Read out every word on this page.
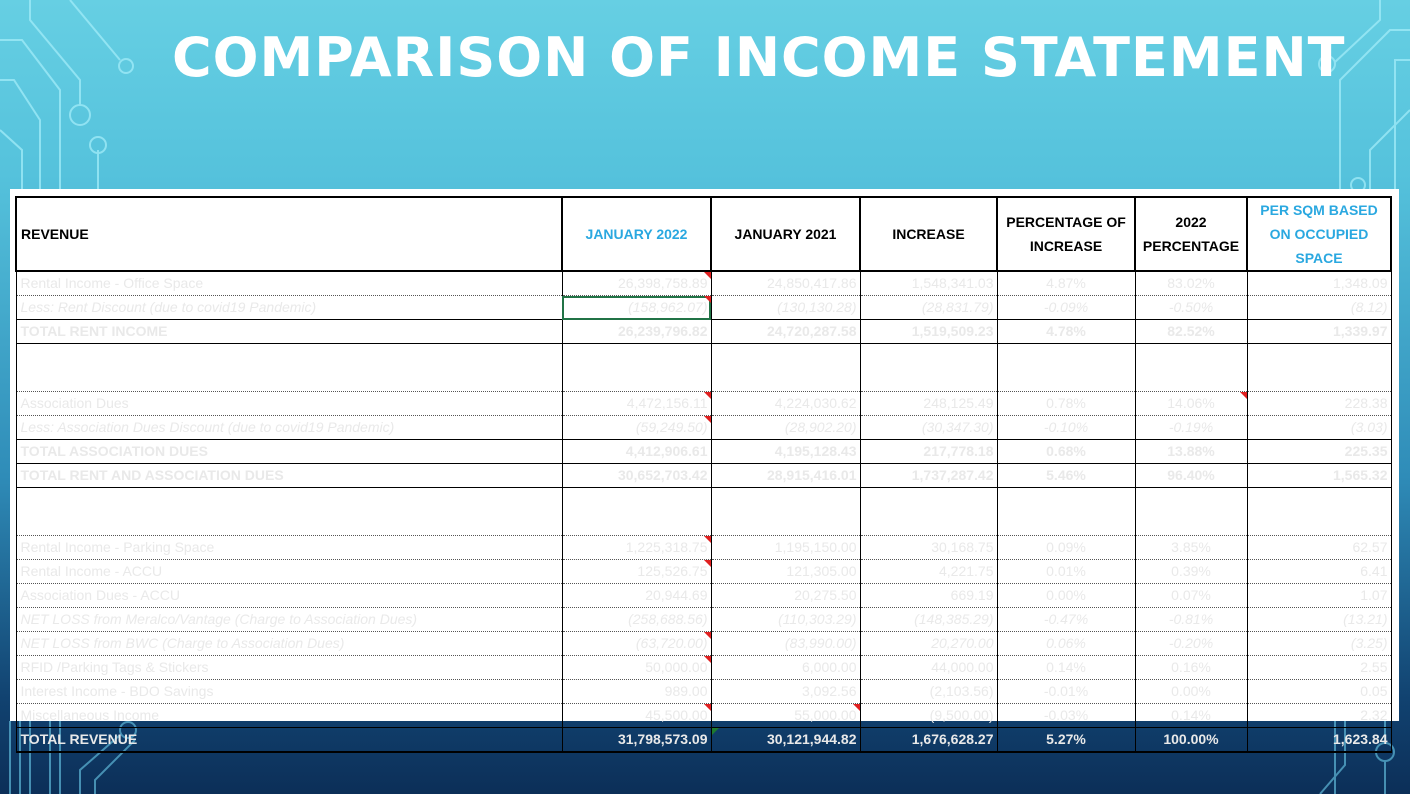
COMPARISON OF INCOME STATEMENT
REVENUE	JANUARY 2022	JANUARY 2021	INCREASE	PERCENTAGE OF INCREASE	2022 PERCENTAGE	PER SQM BASED ON OCCUPIED SPACE
Rental Income - Office Space	26,398,758.89	24,850,417.86	1,548,341.03	4.87%	83.02%	1,348.09
Less: Rent Discount (due to covid19 Pandemic)	(158,962.07)	(130,130.28)	(28,831.79)	-0.09%	-0.50%	(8.12)
TOTAL RENT INCOME	26,239,796.82	24,720,287.58	1,519,509.23	4.78%	82.52%	1,339.97

Association Dues	4,472,156.11	4,224,030.62	248,125.49	0.78%	14.06%	228.38
Less: Association Dues Discount (due to covid19 Pandemic)	(59,249.50)	(28,902.20)	(30,347.30)	-0.10%	-0.19%	(3.03)
TOTAL ASSOCIATION DUES	4,412,906.61	4,195,128.43	217,778.18	0.68%	13.88%	225.35
TOTAL RENT AND ASSOCIATION DUES	30,652,703.42	28,915,416.01	1,737,287.42	5.46%	96.40%	1,565.32

Rental Income - Parking Space	1,225,318.75	1,195,150.00	30,168.75	0.09%	3.85%	62.57
Rental Income - ACCU	125,526.75	121,305.00	4,221.75	0.01%	0.39%	6.41
Association Dues - ACCU	20,944.69	20,275.50	669.19	0.00%	0.07%	1.07
NET LOSS from Meralco/Vantage (Charge to Association Dues)	(258,688.56)	(110,303.29)	(148,385.29)	-0.47%	-0.81%	(13.21)
NET LOSS from BWC (Charge to Association Dues)	(63,720.00)	(83,990.00)	20,270.00	0.06%	-0.20%	(3.25)
RFID /Parking Tags & Stickers	50,000.00	6,000.00	44,000.00	0.14%	0.16%	2.55
Interest Income - BDO Savings	989.00	3,092.56	(2,103.56)	-0.01%	0.00%	0.05
Miscellaneous Income	45,500.00	55,000.00	(9,500.00)	-0.03%	0.14%	2.32
TOTAL REVENUE	31,798,573.09	30,121,944.82	1,676,628.27	5.27%	100.00%	1,623.84
